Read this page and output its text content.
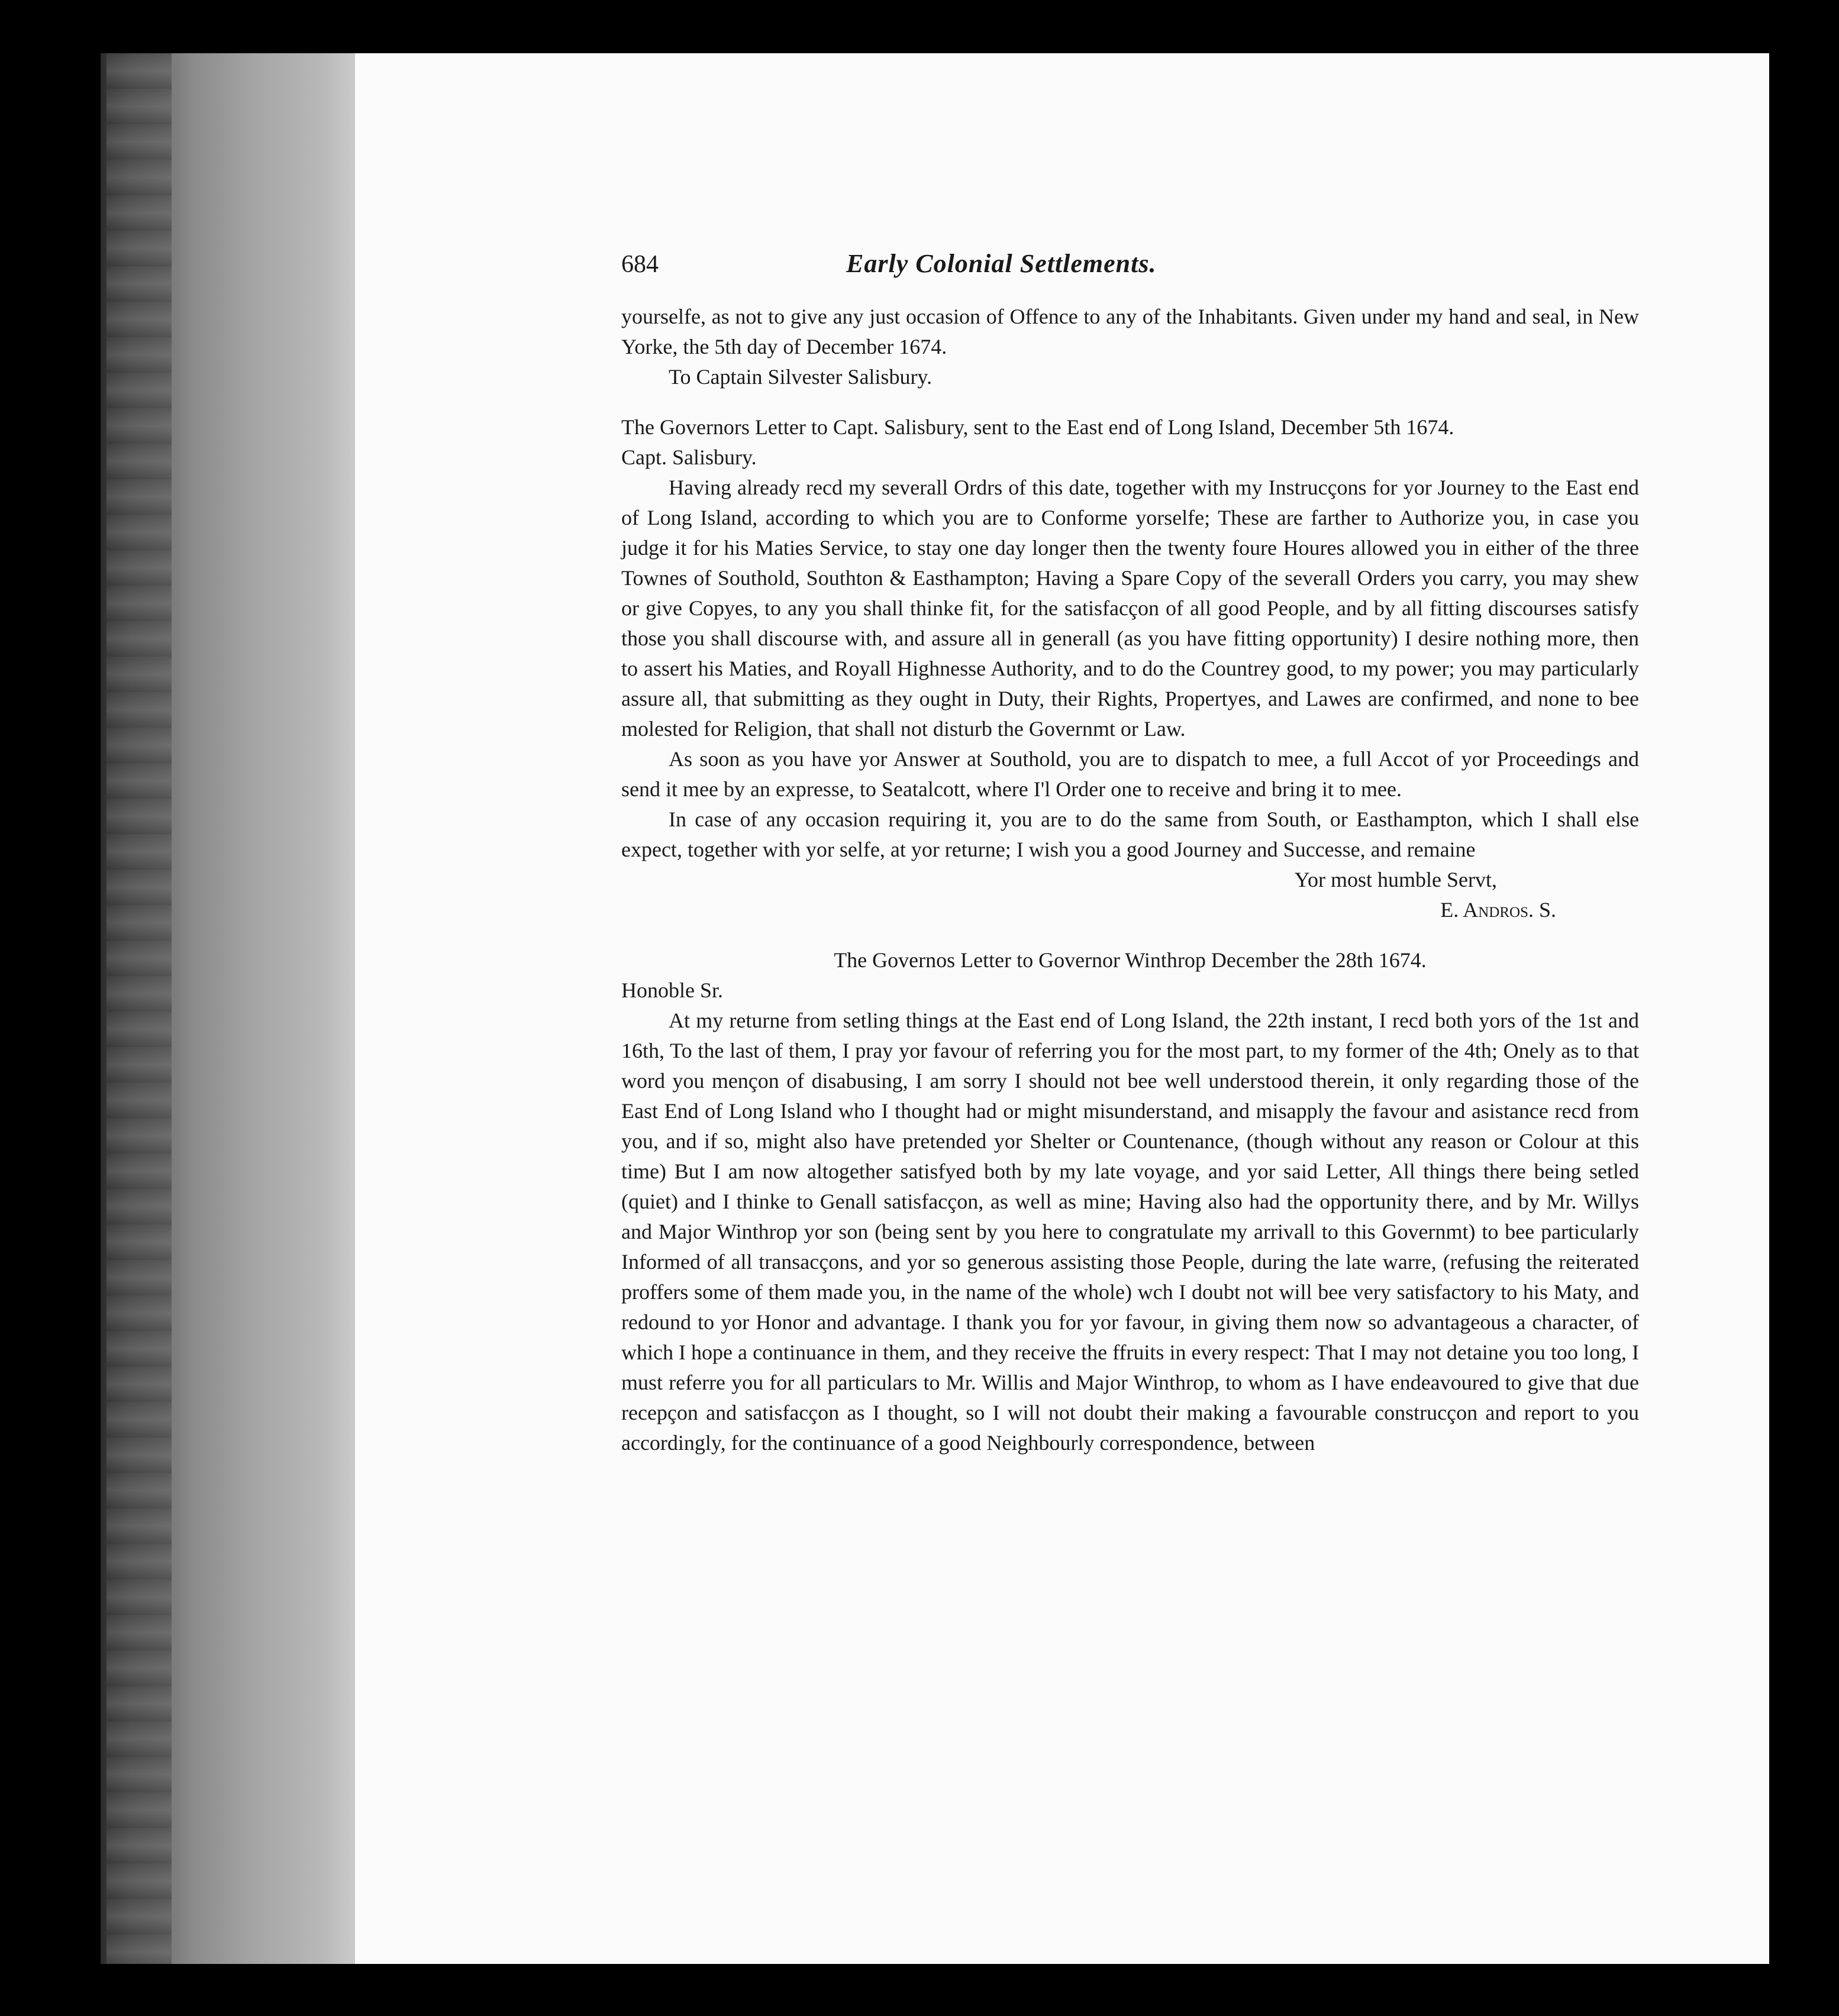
684	Early Colonial Settlements.

yourselfe, as not to give any just occasion of Offence to any of the Inhabitants. Given under my hand and seal, in New Yorke, the 5th day of December 1674.

To Captain Silvester Salisbury.

The Governors Letter to Capt. Salisbury, sent to the East end of Long Island, December 5th 1674.

Capt. Salisbury.

Having already recd my severall Ordrs of this date, together with my Instrucçons for yor Journey to the East end of Long Island, according to which you are to Conforme yorselfe; These are farther to Authorize you, in case you judge it for his Maties Service, to stay one day longer then the twenty foure Houres allowed you in either of the three Townes of Southold, Southton & Easthampton; Having a Spare Copy of the severall Orders you carry, you may shew or give Copyes, to any you shall thinke fit, for the satisfacçon of all good People, and by all fitting discourses satisfy those you shall discourse with, and assure all in generall (as you have fitting opportunity) I desire nothing more, then to assert his Maties, and Royall Highnesse Authority, and to do the Countrey good, to my power; you may particularly assure all, that submitting as they ought in Duty, their Rights, Propertyes, and Lawes are confirmed, and none to bee molested for Religion, that shall not disturb the Governmt or Law.

As soon as you have yor Answer at Southold, you are to dispatch to mee, a full Accot of yor Proceedings and send it mee by an expresse, to Seatalcott, where I'l Order one to receive and bring it to mee.

In case of any occasion requiring it, you are to do the same from South, or Easthampton, which I shall else expect, together with yor selfe, at yor returne; I wish you a good Journey and Successe, and remaine

Yor most humble Servt,

E. Andros. S.

The Governos Letter to Governor Winthrop December the 28th 1674.

Honoble Sr.

At my returne from setling things at the East end of Long Island, the 22th instant, I recd both yors of the 1st and 16th, To the last of them, I pray yor favour of referring you for the most part, to my former of the 4th; Onely as to that word you mençon of disabusing, I am sorry I should not bee well understood therein, it only regarding those of the East End of Long Island who I thought had or might misunderstand, and misapply the favour and asistance recd from you, and if so, might also have pretended yor Shelter or Countenance, (though without any reason or Colour at this time) But I am now altogether satisfyed both by my late voyage, and yor said Letter, All things there being setled (quiet) and I thinke to Genall satisfacçon, as well as mine; Having also had the opportunity there, and by Mr. Willys and Major Winthrop yor son (being sent by you here to congratulate my arrivall to this Governmt) to bee particularly Informed of all transacçons, and yor so generous assisting those People, during the late warre, (refusing the reiterated proffers some of them made you, in the name of the whole) wch I doubt not will bee very satisfactory to his Maty, and redound to yor Honor and advantage. I thank you for yor favour, in giving them now so advantageous a character, of which I hope a continuance in them, and they receive the ffruits in every respect: That I may not detaine you too long, I must referre you for all particulars to Mr. Willis and Major Winthrop, to whom as I have endeavoured to give that due recepçon and satisfacçon as I thought, so I will not doubt their making a favourable construcçon and report to you accordingly, for the continuance of a good Neighbourly correspondence, between
